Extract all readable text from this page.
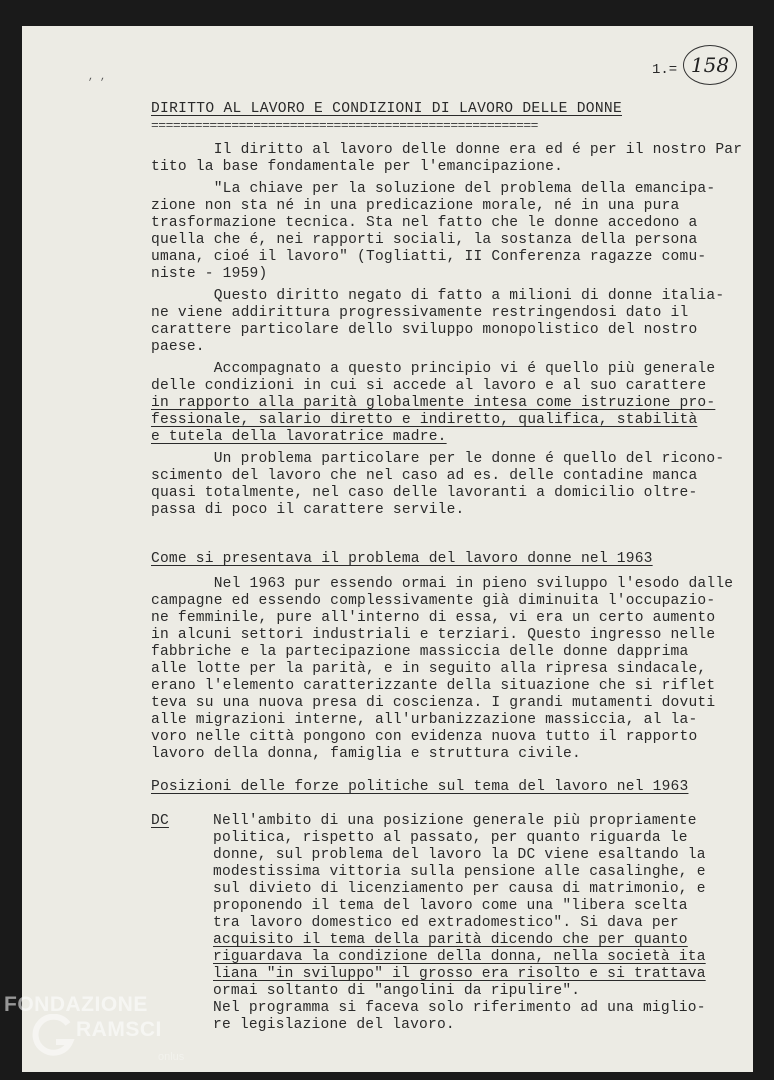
, ,	1.= 158
DIRITTO AL LAVORO E CONDIZIONI DI LAVORO DELLE DONNE
=====================================================
Il diritto al lavoro delle donne era ed é per il nostro Par
tito la base fondamentale per l'emancipazione.
"La chiave per la soluzione del problema della emancipa-
zione non sta né in una predicazione morale, né in una pura
trasformazione tecnica. Sta nel fatto che le donne accedono a
quella che é, nei rapporti sociali, la sostanza della persona
umana, cioé il lavoro" (Togliatti, II Conferenza ragazze comu-
niste - 1959)
Questo diritto negato di fatto a milioni di donne italia-
ne viene addirittura progressivamente restringendosi dato il
carattere particolare dello sviluppo monopolistico del nostro
paese.
Accompagnato a questo principio vi é quello più generale
delle condizioni in cui si accede al lavoro e al suo carattere
in rapporto alla parità globalmente intesa come istruzione pro-
fessionale, salario diretto e indiretto, qualifica, stabilità
e tutela della lavoratrice madre.
Un problema particolare per le donne é quello del ricono-
scimento del lavoro che nel caso ad es. delle contadine manca
quasi totalmente, nel caso delle lavoranti a domicilio oltre-
passa di poco il carattere servile.
Come si presentava il problema del lavoro donne nel 1963
Nel 1963 pur essendo ormai in pieno sviluppo l'esodo dalle
campagne ed essendo complessivamente già diminuita l'occupazio-
ne femminile, pure all'interno di essa, vi era un certo aumento
in alcuni settori industriali e terziari. Questo ingresso nelle
fabbriche e la partecipazione massiccia delle donne dapprima
alle lotte per la parità, e in seguito alla ripresa sindacale,
erano l'elemento caratterizzante della situazione che si riflet
teva su una nuova presa di coscienza. I grandi mutamenti dovuti
alle migrazioni interne, all'urbanizzazione massiccia, al la-
voro nelle città pongono con evidenza nuova tutto il rapporto
lavoro della donna, famiglia e struttura civile.
Posizioni delle forze politiche sul tema del lavoro nel 1963
DC	Nell'ambito di una posizione generale più propriamente
politica, rispetto al passato, per quanto riguarda le
donne, sul problema del lavoro la DC viene esaltando la
modestissima vittoria sulla pensione alle casalinghe, e
sul divieto di licenziamento per causa di matrimonio, e
proponendo il tema del lavoro come una "libera scelta
tra lavoro domestico ed extradomestico". Si dava per
acquisito il tema della parità dicendo che per quanto
riguardava la condizione della donna, nella società ita
liana "in sviluppo" il grosso era risolto e si trattava
ormai soltanto di "angolini da ripulire".
Nel programma si faceva solo riferimento ad una miglio-
re legislazione del lavoro.
FONDAZIONE
RAMSCI
onlus
